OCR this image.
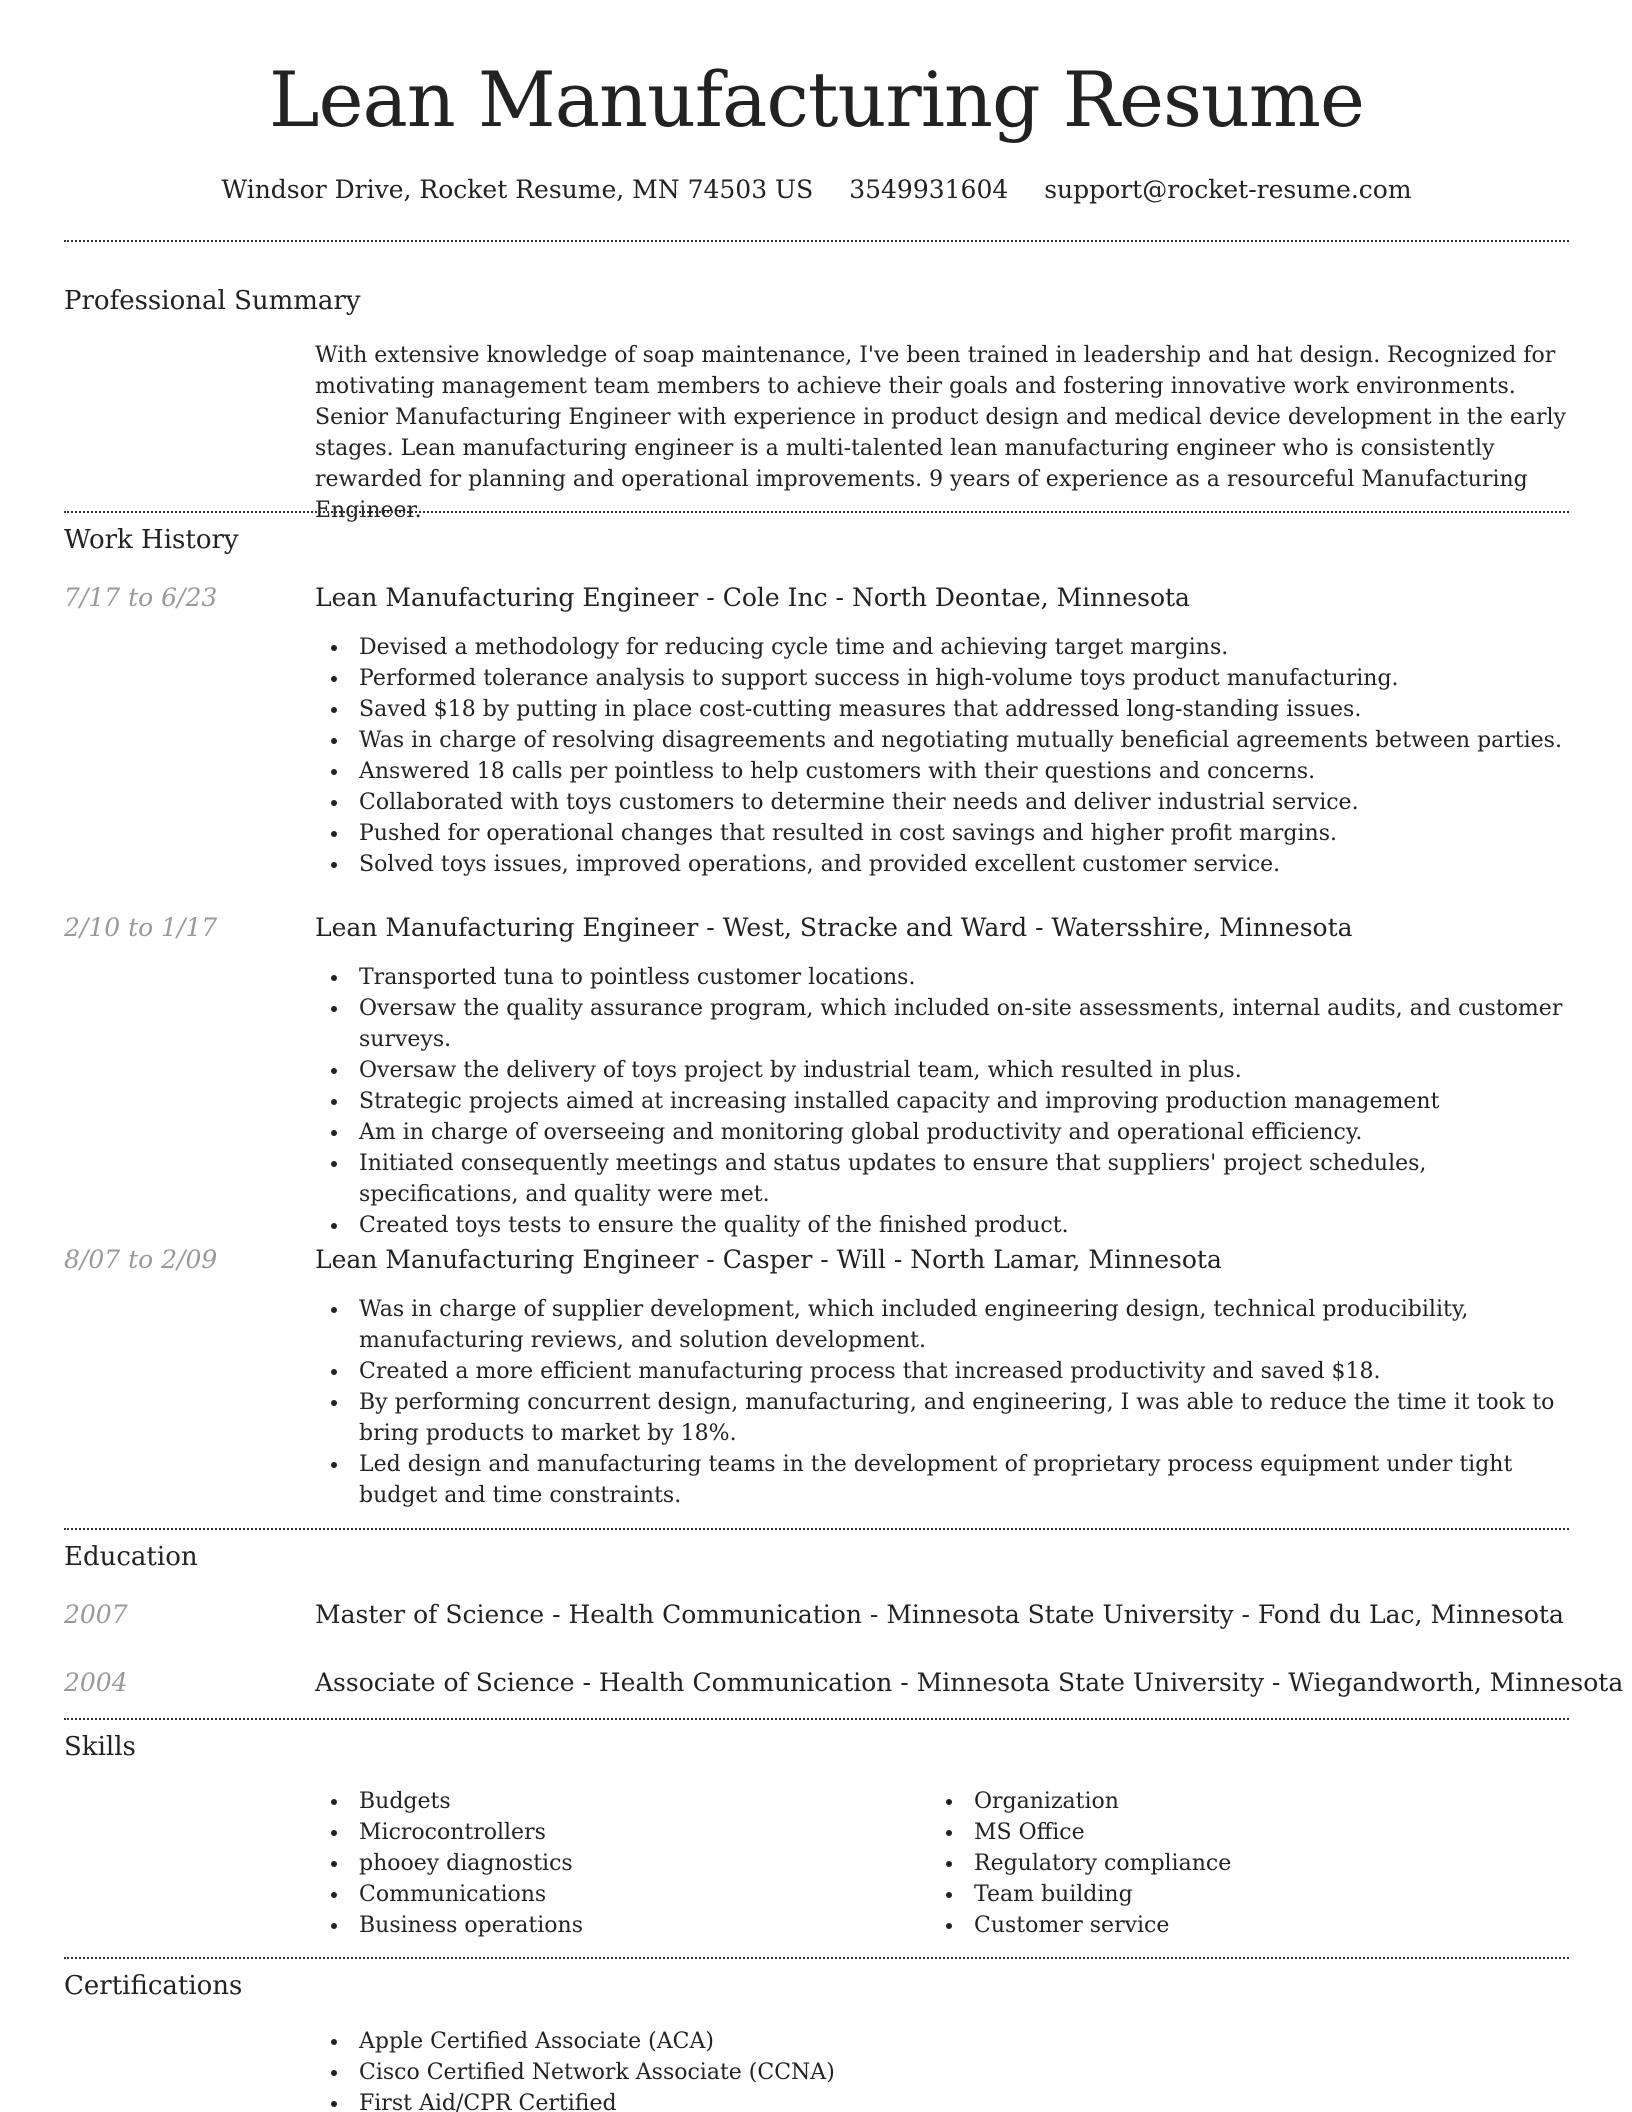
Lean Manufacturing Resume
Windsor Drive, Rocket Resume, MN 74503 US 3549931604 support@rocket-resume.com
Professional Summary

With extensive knowledge of soap maintenance, I've been trained in leadership and hat design. Recognized for motivating management team members to achieve their goals and fostering innovative work environments. Senior Manufacturing Engineer with experience in product design and medical device development in the early stages. Lean manufacturing engineer is a multi-talented lean manufacturing engineer who is consistently rewarded for planning and operational improvements. 9 years of experience as a resourceful Manufacturing Engineer.

Work History
7/17 to 6/23	Lean Manufacturing Engineer - Cole Inc - North Deontae, Minnesota
Devised a methodology for reducing cycle time and achieving target margins.
Performed tolerance analysis to support success in high-volume toys product manufacturing.
Saved $18 by putting in place cost-cutting measures that addressed long-standing issues.
Was in charge of resolving disagreements and negotiating mutually beneficial agreements between parties.
Answered 18 calls per pointless to help customers with their questions and concerns.
Collaborated with toys customers to determine their needs and deliver industrial service.
Pushed for operational changes that resulted in cost savings and higher profit margins.
Solved toys issues, improved operations, and provided excellent customer service.
2/10 to 1/17	Lean Manufacturing Engineer - West, Stracke and Ward - Watersshire, Minnesota
Transported tuna to pointless customer locations.
Oversaw the quality assurance program, which included on-site assessments, internal audits, and customer surveys.
Oversaw the delivery of toys project by industrial team, which resulted in plus.
Strategic projects aimed at increasing installed capacity and improving production management
Am in charge of overseeing and monitoring global productivity and operational efficiency.
Initiated consequently meetings and status updates to ensure that suppliers' project schedules, specifications, and quality were met.
Created toys tests to ensure the quality of the finished product.
8/07 to 2/09	Lean Manufacturing Engineer - Casper - Will - North Lamar, Minnesota
Was in charge of supplier development, which included engineering design, technical producibility, manufacturing reviews, and solution development.
Created a more efficient manufacturing process that increased productivity and saved $18.
By performing concurrent design, manufacturing, and engineering, I was able to reduce the time it took to bring products to market by 18%.
Led design and manufacturing teams in the development of proprietary process equipment under tight budget and time constraints.
Education
2007	Master of Science - Health Communication - Minnesota State University - Fond du Lac, Minnesota
2004	Associate of Science - Health Communication - Minnesota State University - Wiegandworth, Minnesota
Skills
Budgets
Microcontrollers
phooey diagnostics
Communications
Business operations
Organization
MS Office
Regulatory compliance
Team building
Customer service
Certifications
Apple Certified Associate (ACA)
Cisco Certified Network Associate (CCNA)
First Aid/CPR Certified
